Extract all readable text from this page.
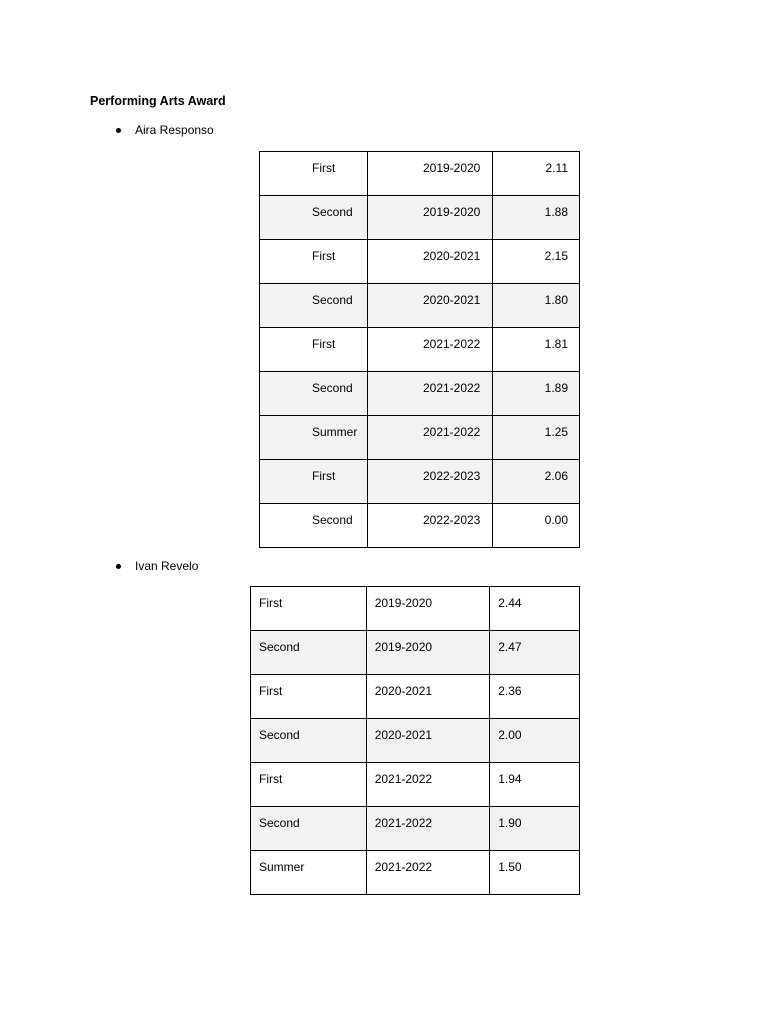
Performing Arts Award
Aira Responso
First	2019-2020	2.11

Second	2019-2020	1.88

First	2020-2021	2.15

Second	2020-2021	1.80

First	2021-2022	1.81

Second	2021-2022	1.89

Summer	2021-2022	1.25

First	2022-2023	2.06

Second	2022-2023	0.00
Ivan Revelo
First	2019-2020	2.44

Second	2019-2020	2.47

First	2020-2021	2.36

Second	2020-2021	2.00

First	2021-2022	1.94

Second	2021-2022	1.90

Summer	2021-2022	1.50
